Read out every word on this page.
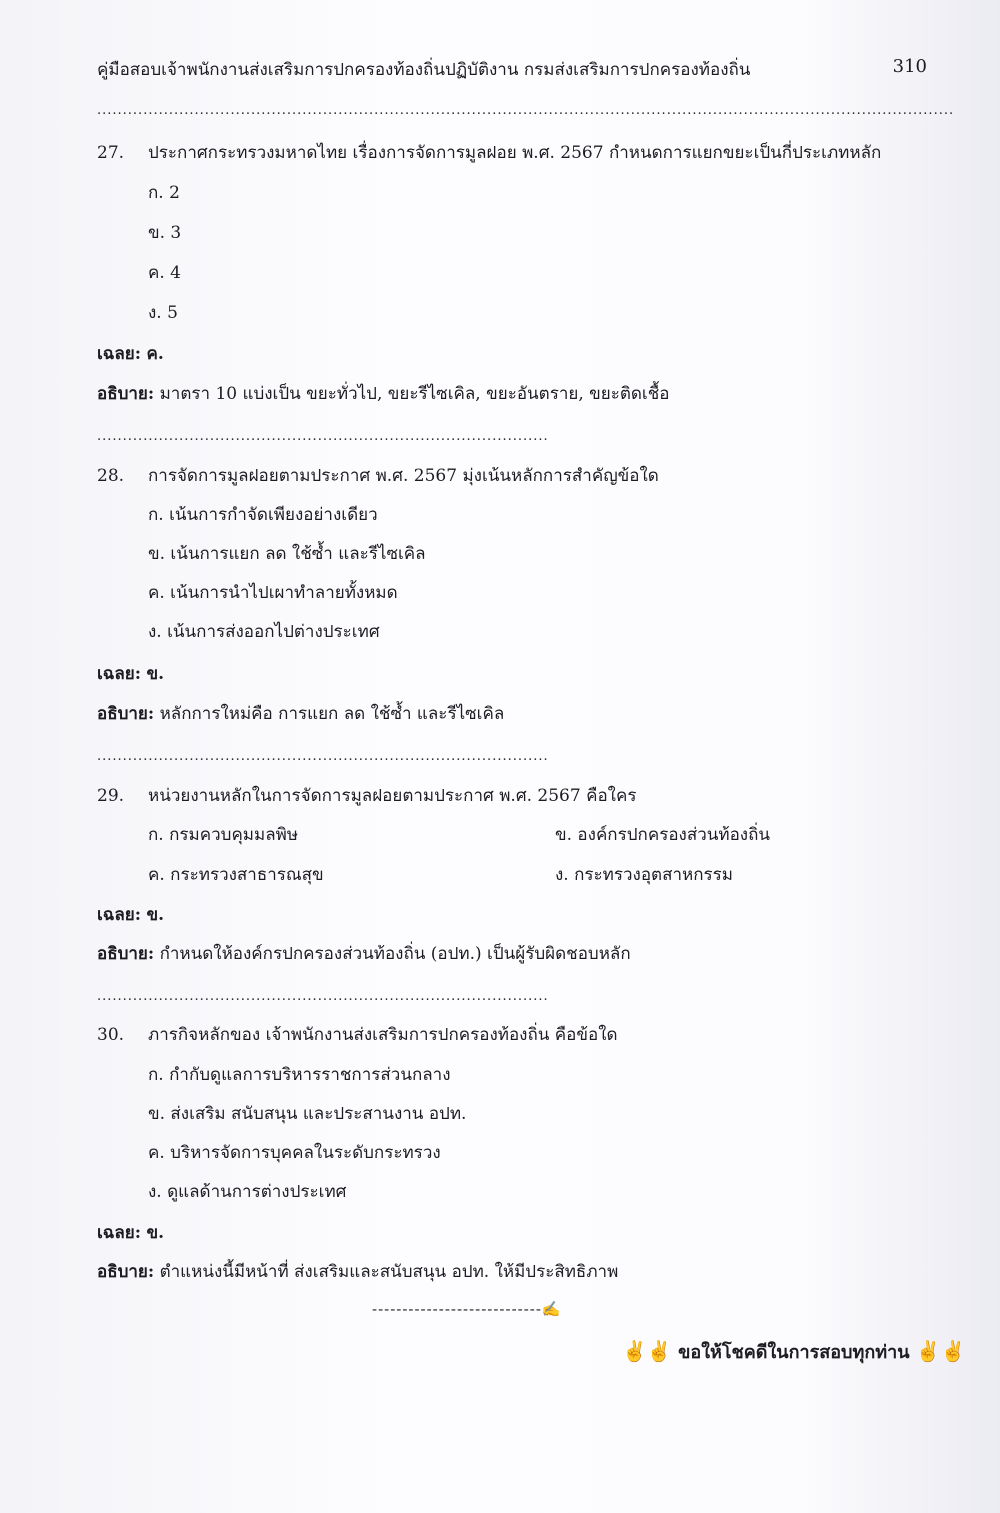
คู่มือสอบเจ้าพนักงานส่งเสริมการปกครองท้องถิ่นปฏิบัติงาน กรมส่งเสริมการปกครองท้องถิ่น	310
.....
27. ประกาศกระทรวงมหาดไทย เรื่องการจัดการมูลฝอย พ.ศ. 2567 กำหนดการแยกขยะเป็นกี่ประเภทหลัก
ก. 2
ข. 3
ค. 4
ง. 5
เฉลย: ค.
อธิบาย: มาตรา 10 แบ่งเป็น ขยะทั่วไป, ขยะรีไซเคิล, ขยะอันตราย, ขยะติดเชื้อ
.....
28. การจัดการมูลฝอยตามประกาศ พ.ศ. 2567 มุ่งเน้นหลักการสำคัญข้อใด
ก. เน้นการกำจัดเพียงอย่างเดียว
ข. เน้นการแยก ลด ใช้ซ้ำ และรีไซเคิล
ค. เน้นการนำไปเผาทำลายทั้งหมด
ง. เน้นการส่งออกไปต่างประเทศ
เฉลย: ข.
อธิบาย: หลักการใหม่คือ การแยก ลด ใช้ซ้ำ และรีไซเคิล
.....
29. หน่วยงานหลักในการจัดการมูลฝอยตามประกาศ พ.ศ. 2567 คือใคร
ก. กรมควบคุมมลพิษ	ข. องค์กรปกครองส่วนท้องถิ่น
ค. กระทรวงสาธารณสุข	ง. กระทรวงอุตสาหกรรม
เฉลย: ข.
อธิบาย: กำหนดให้องค์กรปกครองส่วนท้องถิ่น (อปท.) เป็นผู้รับผิดชอบหลัก
.....
30. ภารกิจหลักของ เจ้าพนักงานส่งเสริมการปกครองท้องถิ่น คือข้อใด
ก. กำกับดูแลการบริหารราชการส่วนกลาง
ข. ส่งเสริม สนับสนุน และประสานงาน อปท.
ค. บริหารจัดการบุคคลในระดับกระทรวง
ง. ดูแลด้านการต่างประเทศ
เฉลย: ข.
อธิบาย: ตำแหน่งนี้มีหน้าที่ ส่งเสริมและสนับสนุน อปท. ให้มีประสิทธิภาพ
----------------------------✍
✌✌ ขอให้โชคดีในการสอบทุกท่าน ✌✌
